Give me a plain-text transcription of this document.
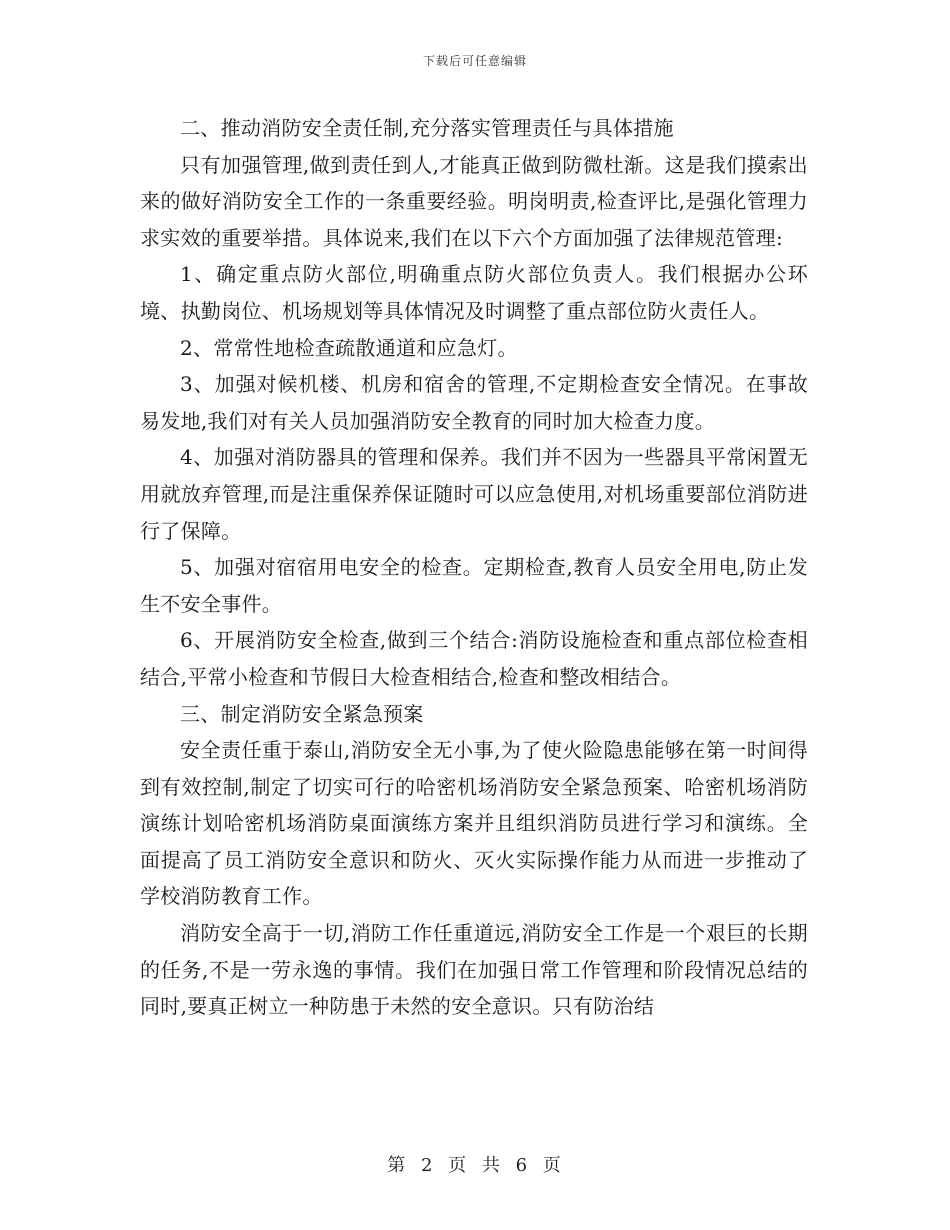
下载后可任意编辑

二、推动消防安全责任制,充分落实管理责任与具体措施

只有加强管理,做到责任到人,才能真正做到防微杜渐。这是我们摸索出来的做好消防安全工作的一条重要经验。明岗明责,检查评比,是强化管理力求实效的重要举措。具体说来,我们在以下六个方面加强了法律规范管理:

1、确定重点防火部位,明确重点防火部位负责人。我们根据办公环境、执勤岗位、机场规划等具体情况及时调整了重点部位防火责任人。

2、常常性地检查疏散通道和应急灯。

3、加强对候机楼、机房和宿舍的管理,不定期检查安全情况。在事故易发地,我们对有关人员加强消防安全教育的同时加大检查力度。

4、加强对消防器具的管理和保养。我们并不因为一些器具平常闲置无用就放弃管理,而是注重保养保证随时可以应急使用,对机场重要部位消防进行了保障。

5、加强对宿宿用电安全的检查。定期检查,教育人员安全用电,防止发生不安全事件。

6、开展消防安全检查,做到三个结合:消防设施检查和重点部位检查相结合,平常小检查和节假日大检查相结合,检查和整改相结合。

三、制定消防安全紧急预案

安全责任重于泰山,消防安全无小事,为了使火险隐患能够在第一时间得到有效控制,制定了切实可行的哈密机场消防安全紧急预案、哈密机场消防演练计划哈密机场消防桌面演练方案并且组织消防员进行学习和演练。全面提高了员工消防安全意识和防火、灭火实际操作能力从而进一步推动了学校消防教育工作。

消防安全高于一切,消防工作任重道远,消防安全工作是一个艰巨的长期的任务,不是一劳永逸的事情。我们在加强日常工作管理和阶段情况总结的同时,要真正树立一种防患于未然的安全意识。只有防治结

第 2 页 共 6 页
